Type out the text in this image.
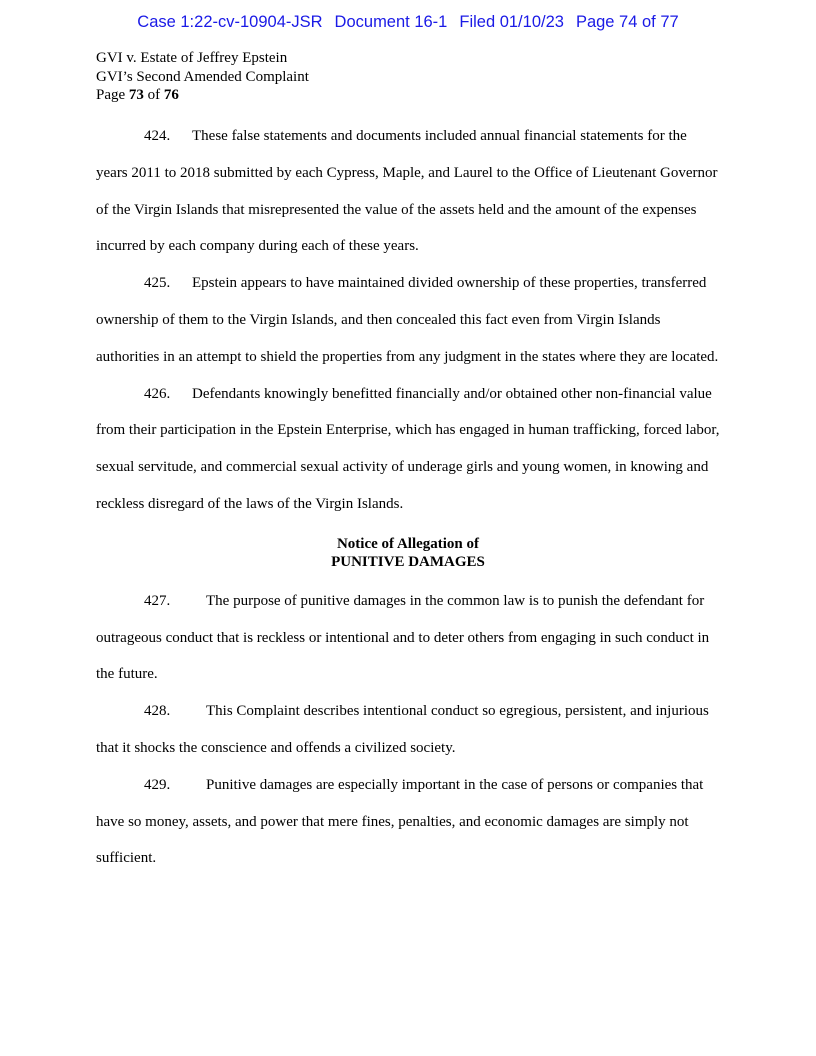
Case 1:22-cv-10904-JSR Document 16-1 Filed 01/10/23 Page 74 of 77
GVI v. Estate of Jeffrey Epstein
GVI’s Second Amended Complaint
Page 73 of 76

424. These false statements and documents included annual financial statements for the years 2011 to 2018 submitted by each Cypress, Maple, and Laurel to the Office of Lieutenant Governor of the Virgin Islands that misrepresented the value of the assets held and the amount of the expenses incurred by each company during each of these years.

425. Epstein appears to have maintained divided ownership of these properties, transferred ownership of them to the Virgin Islands, and then concealed this fact even from Virgin Islands authorities in an attempt to shield the properties from any judgment in the states where they are located.

426. Defendants knowingly benefitted financially and/or obtained other non-financial value from their participation in the Epstein Enterprise, which has engaged in human trafficking, forced labor, sexual servitude, and commercial sexual activity of underage girls and young women, in knowing and reckless disregard of the laws of the Virgin Islands.

Notice of Allegation of
PUNITIVE DAMAGES

427. The purpose of punitive damages in the common law is to punish the defendant for outrageous conduct that is reckless or intentional and to deter others from engaging in such conduct in the future.

428. This Complaint describes intentional conduct so egregious, persistent, and injurious that it shocks the conscience and offends a civilized society.

429. Punitive damages are especially important in the case of persons or companies that have so money, assets, and power that mere fines, penalties, and economic damages are simply not sufficient.
